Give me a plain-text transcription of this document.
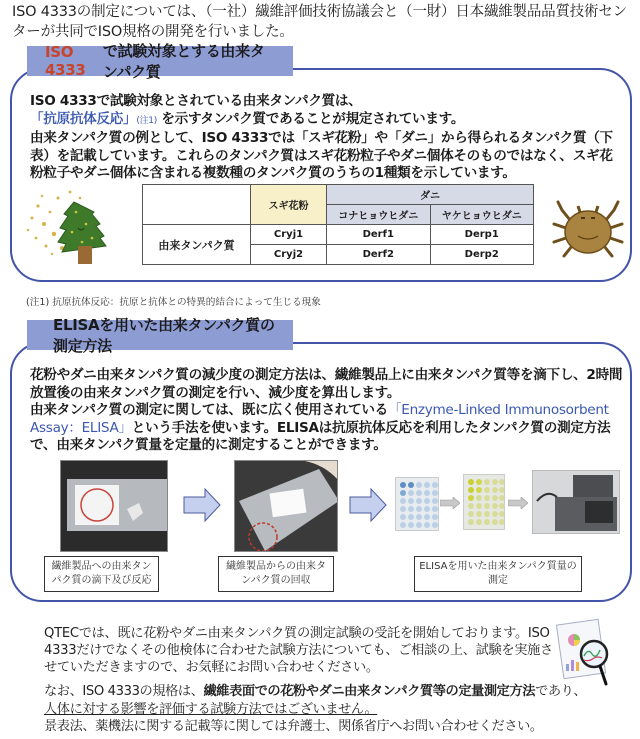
ISO 4333の制定については、（一社）繊維評価技術協議会と（一財）日本繊維製品品質技術センターが共同でISO規格の開発を行いました。
ISO 4333
で試験対象とする由来タンパク質
ISO 4333で試験対象とされている由来タンパク質は、
「抗原抗体反応」(注1) を示すタンパク質であることが規定されています。
由来タンパク質の例として、ISO 4333では「スギ花粉」や「ダニ」から得られるタンパク質（下表）を記載しています。これらのタンパク質はスギ花粉粒子やダニ個体そのものではなく、スギ花粉粒子やダニ個体に含まれる複数種のタンパク質のうちの1種類を示しています。
	スギ花粉	ダニ	
		コナヒョウヒダニ	ヤケヒョウヒダニ
由来タンパク質	Cryj1	Derf1	Derp1
	Cryj2	Derf2	Derp2
(注1) 抗原抗体反応：抗原と抗体との特異的結合によって生じる現象
ELISAを用いた由来タンパク質の測定方法
花粉やダニ由来タンパク質の減少度の測定方法は、繊維製品上に由来タンパク質等を滴下し、2時間放置後の由来タンパク質の測定を行い、減少度を算出します。
由来タンパク質の測定に関しては、既に広く使用されている「Enzyme-Linked Immunosorbent Assay：ELISA」という手法を使います。ELISAは抗原抗体反応を利用したタンパク質の測定方法で、由来タンパク質量を定量的に測定することができます。
繊維製品への由来タンパク質の滴下及び反応
繊維製品からの由来タンパク質の回収
ELISAを用いた由来タンパク質量の測定
QTECでは、既に花粉やダニ由来タンパク質の測定試験の受託を開始しております。ISO 4333だけでなくその他検体に合わせた試験方法についても、ご相談の上、試験を実施させていただきますので、お気軽にお問い合わせください。
なお、ISO 4333の規格は、繊維表面での花粉やダニ由来タンパク質等の定量測定方法であり、
人体に対する影響を評価する試験方法ではございません。
景表法、薬機法に関する記載等に関しては弁護士、関係省庁へお問い合わせください。
